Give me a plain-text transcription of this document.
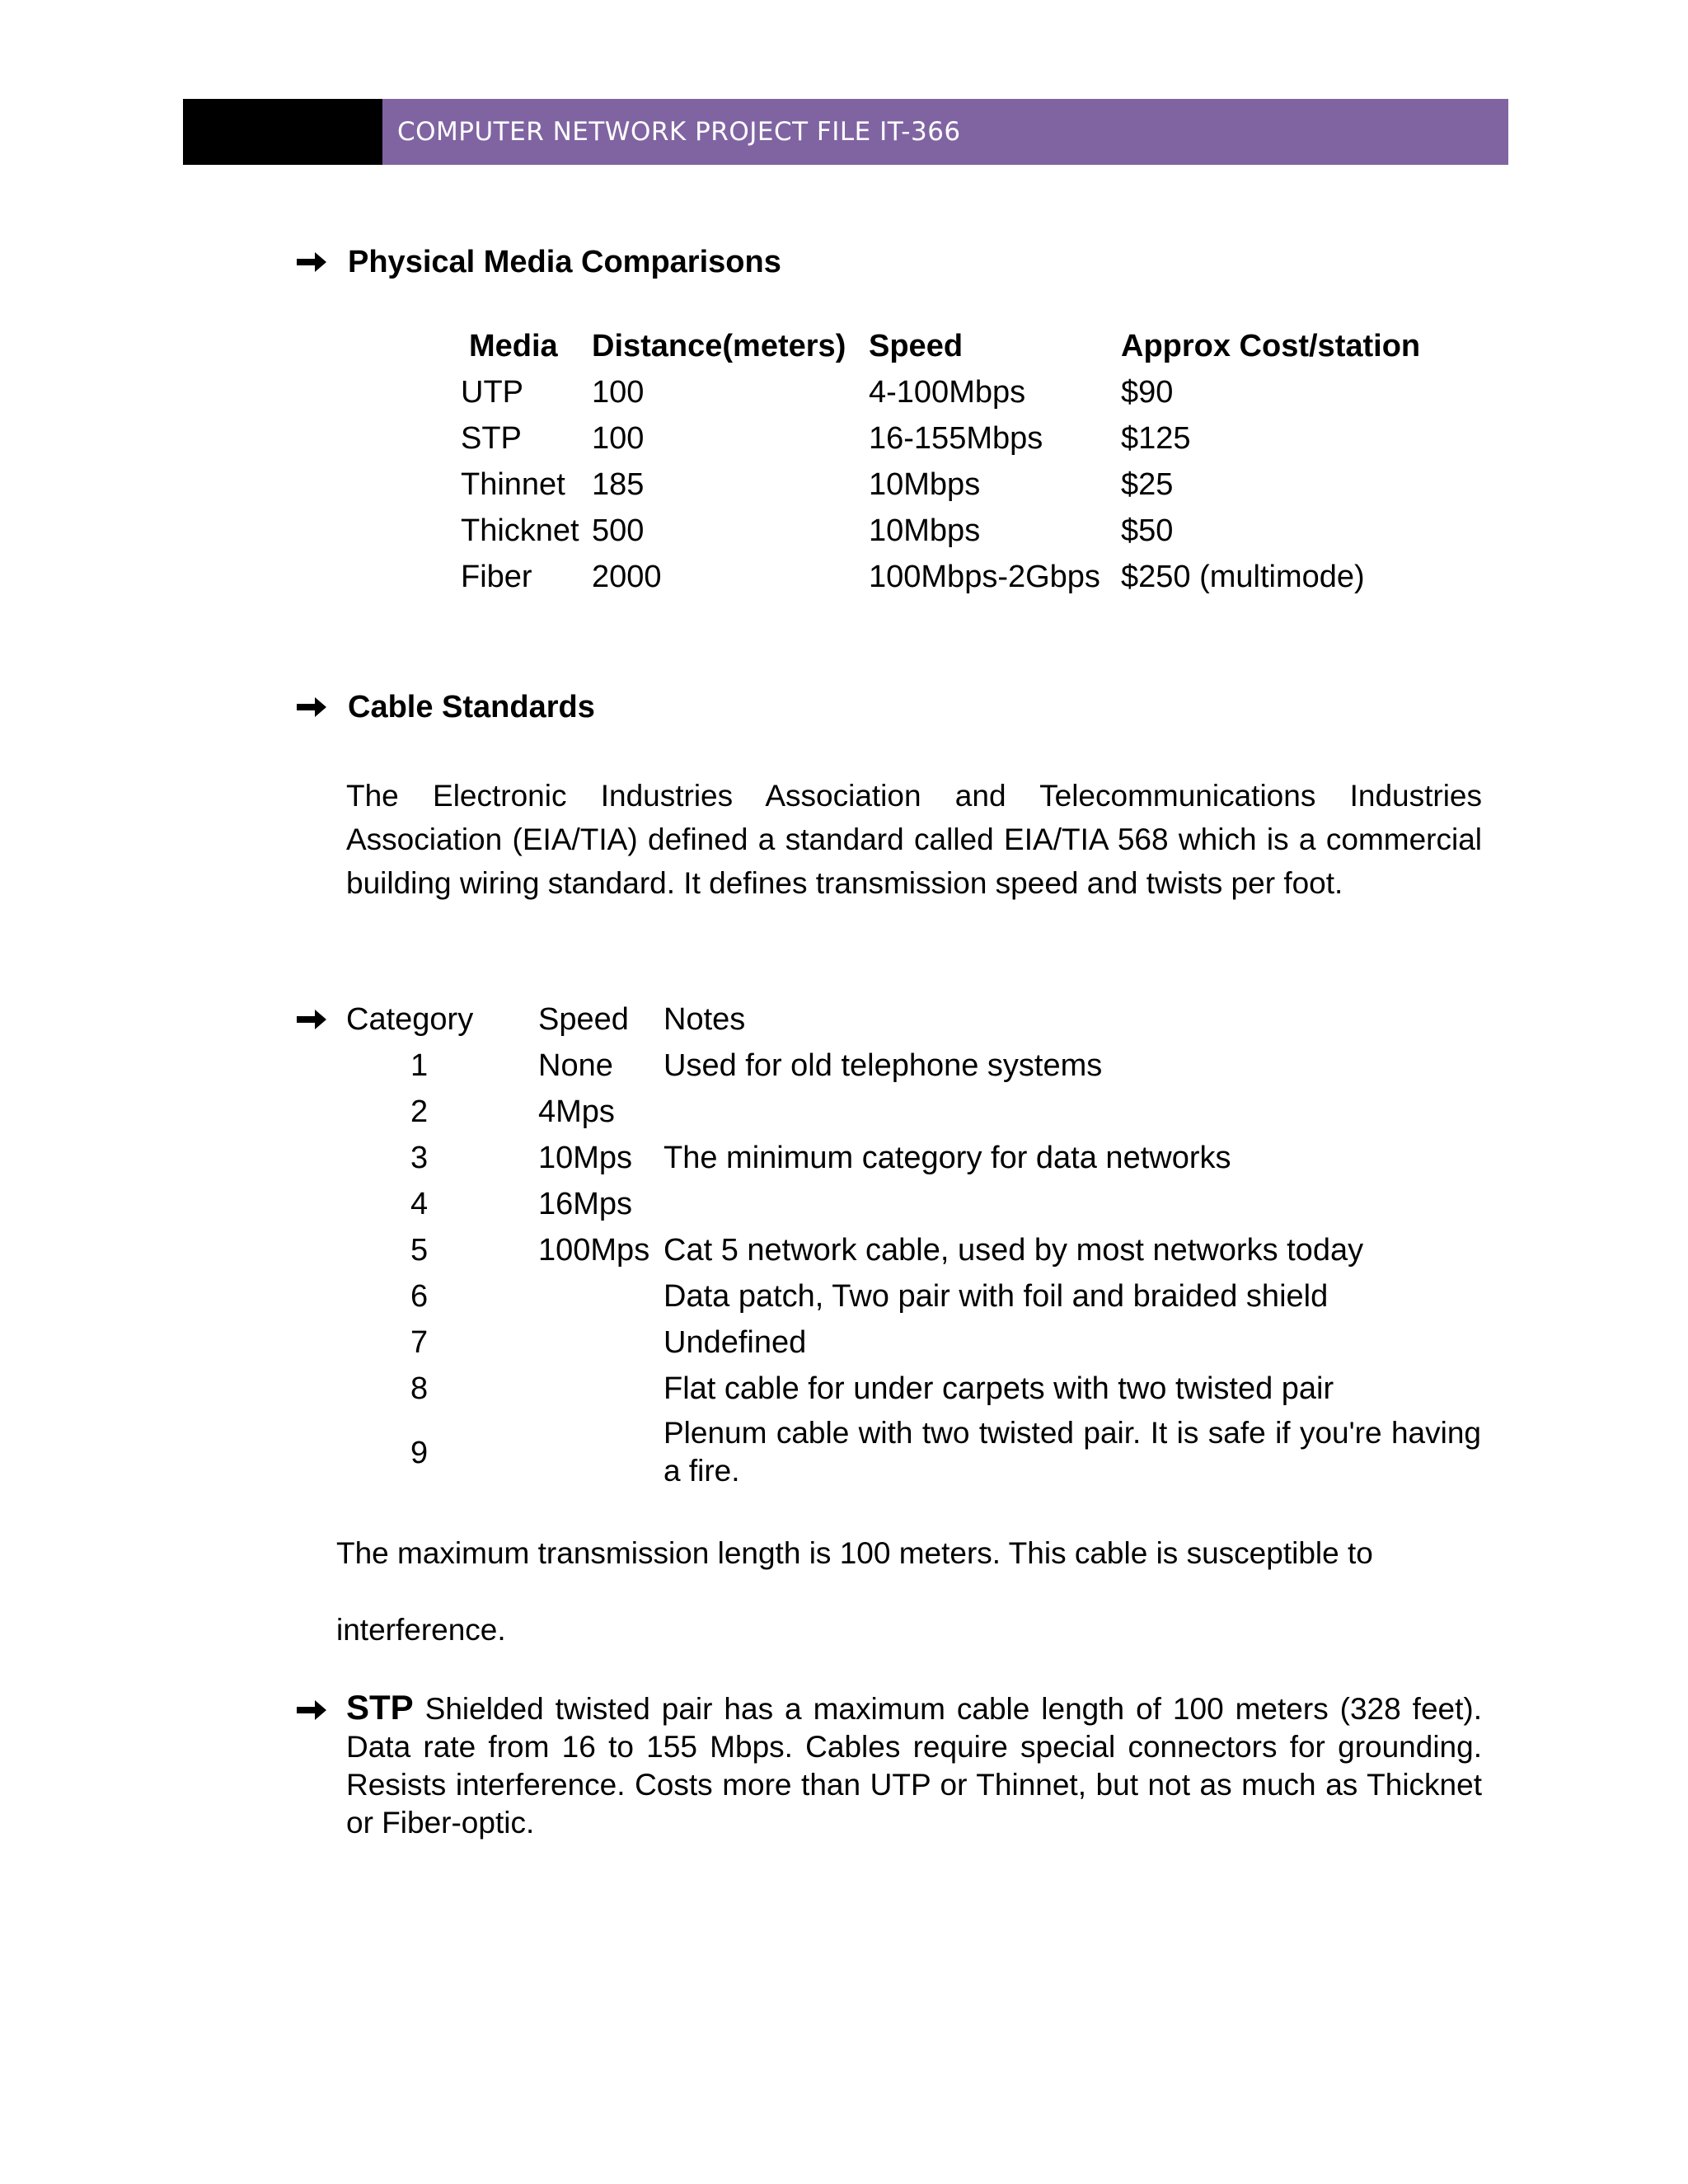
COMPUTER NETWORK PROJECT FILE IT-366
Physical Media Comparisons
Media Distance(meters) Speed	Approx Cost/station
UTP 100	4-100Mbps	$90
STP 100	16-155Mbps $125
Thinnet 185	10Mbps	$25
Thicknet 500	10Mbps	$50
Fiber 2000	100Mbps-2Gbps $250 (multimode)
Cable Standards
The Electronic Industries Association and Telecommunications Industries Association (EIA/TIA) defined a standard called EIA/TIA 568 which is a commercial building wiring standard. It defines transmission speed and twists per foot.
Category Speed Notes
1	None Used for old telephone systems
2	4Mps
3	10Mps The minimum category for data networks
4	16Mps
5	100Mps Cat 5 network cable, used by most networks today
6	Data patch, Two pair with foil and braided shield
7	Undefined
8	Flat cable for under carpets with two twisted pair
9
Plenum cable with two twisted pair. It is safe if you're having a fire.
The maximum transmission length is 100 meters. This cable is susceptible to
interference.
STP Shielded twisted pair has a maximum cable length of 100 meters (328 feet). Data rate from 16 to 155 Mbps. Cables require special connectors for grounding. Resists interference. Costs more than UTP or Thinnet, but not as much as Thicknet or Fiber-optic.
